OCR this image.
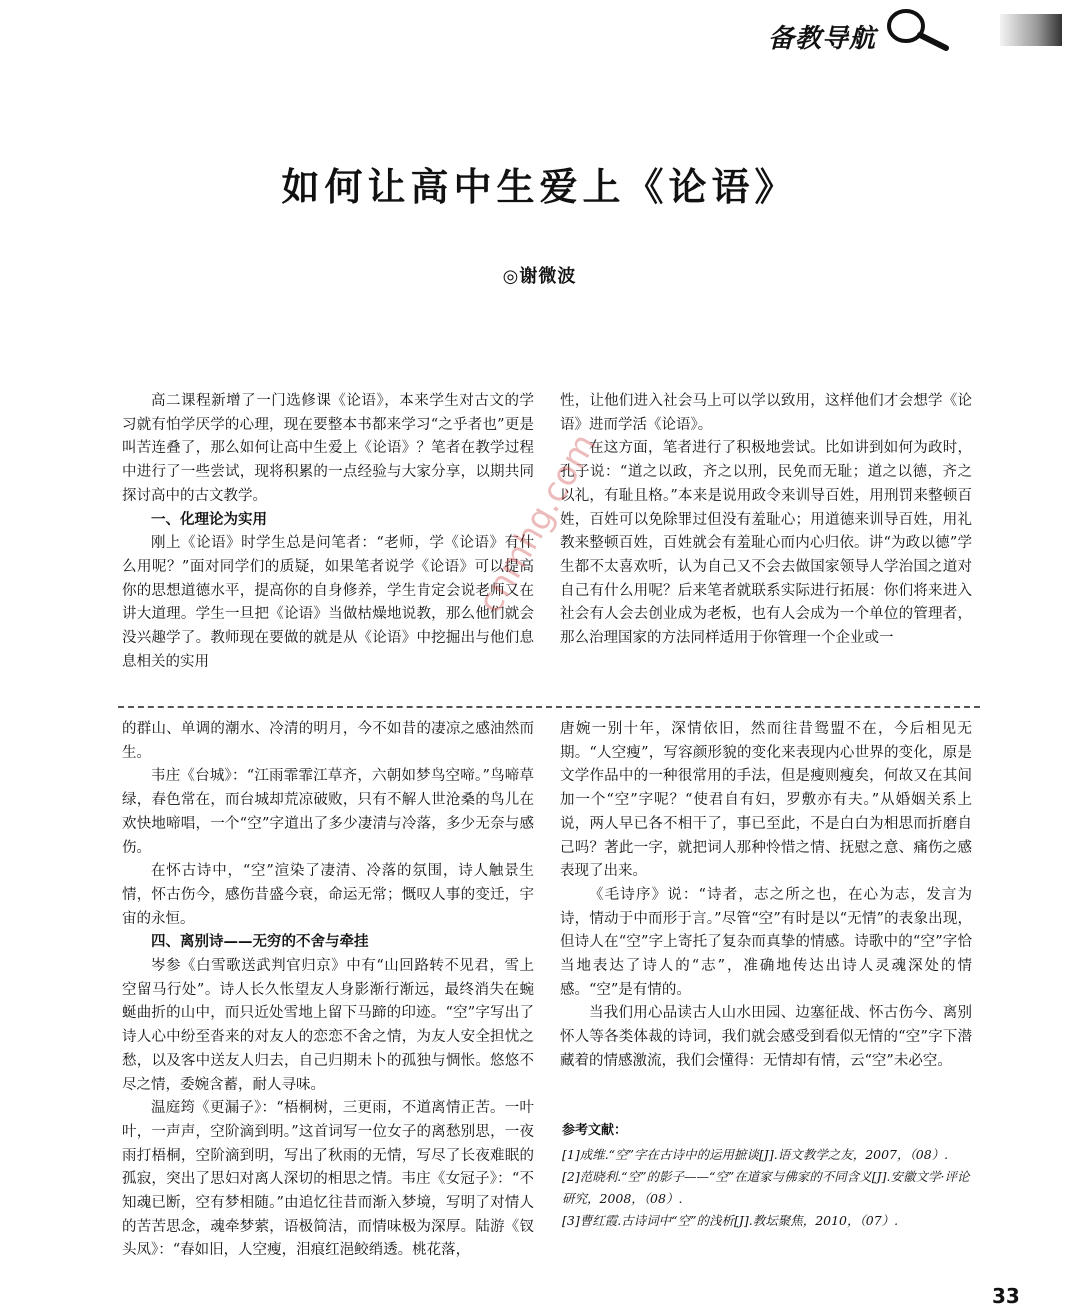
备教导航
如何让高中生爱上《论语》
◎谢微波

高二课程新增了一门选修课《论语》，本来学生对古文的学习就有怕学厌学的心理，现在要整本书都来学习“之乎者也”更是叫苦连叠了，那么如何让高中生爱上《论语》？笔者在教学过程中进行了一些尝试，现将积累的一点经验与大家分享，以期共同探讨高中的古文教学。

一、化理论为实用

刚上《论语》时学生总是问笔者：“老师，学《论语》有什么用呢？”面对同学们的质疑，如果笔者说学《论语》可以提高你的思想道德水平，提高你的自身修养，学生肯定会说老师又在讲大道理。学生一旦把《论语》当做枯燥地说教，那么他们就会没兴趣学了。教师现在要做的就是从《论语》中挖掘出与他们息息相关的实用

性，让他们进入社会马上可以学以致用，这样他们才会想学《论语》进而学活《论语》。

在这方面，笔者进行了积极地尝试。比如讲到如何为政时，孔子说：“道之以政，齐之以刑，民免而无耻；道之以德，齐之以礼，有耻且格。”本来是说用政令来训导百姓，用刑罚来整顿百姓，百姓可以免除罪过但没有羞耻心；用道德来训导百姓，用礼教来整顿百姓，百姓就会有羞耻心而内心归依。讲“为政以德”学生都不太喜欢听，认为自己又不会去做国家领导人学治国之道对自己有什么用呢？后来笔者就联系实际进行拓展：你们将来进入社会有人会去创业成为老板，也有人会成为一个单位的管理者，那么治理国家的方法同样适用于你管理一个企业或一

的群山、单调的潮水、冷清的明月，今不如昔的凄凉之感油然而生。

韦庄《台城》：“江雨霏霏江草齐，六朝如梦鸟空啼。”鸟啼草绿，春色常在，而台城却荒凉破败，只有不解人世沧桑的鸟儿在欢快地啼唱，一个“空”字道出了多少凄清与冷落，多少无奈与感伤。

在怀古诗中，“空”渲染了凄清、冷落的氛围，诗人触景生情，怀古伤今，感伤昔盛今衰，命运无常；慨叹人事的变迁，宇宙的永恒。

四、离别诗——无穷的不舍与牵挂

岑参《白雪歌送武判官归京》中有“山回路转不见君，雪上空留马行处”。诗人长久怅望友人身影渐行渐远，最终消失在蜿蜒曲折的山中，而只近处雪地上留下马蹄的印迹。“空”字写出了诗人心中纷至沓来的对友人的恋恋不舍之情，为友人安全担忧之愁，以及客中送友人归去，自己归期未卜的孤独与惆怅。悠悠不尽之情，委婉含蓄，耐人寻味。

温庭筠《更漏子》：“梧桐树，三更雨，不道离情正苦。一叶叶，一声声，空阶滴到明。”这首词写一位女子的离愁别思，一夜雨打梧桐，空阶滴到明，写出了秋雨的无情，写尽了长夜难眠的孤寂，突出了思妇对离人深切的相思之情。韦庄《女冠子》：“不知魂已断，空有梦相随。”由追忆往昔而渐入梦境，写明了对情人的苦苦思念，魂牵梦萦，语极简洁，而情味极为深厚。陆游《钗头凤》：“春如旧，人空瘦，泪痕红浥鲛绡透。桃花落，

唐婉一别十年，深情依旧，然而往昔鸳盟不在，今后相见无期。“人空瘦”，写容颜形貌的变化来表现内心世界的变化，原是文学作品中的一种很常用的手法，但是瘦则瘦矣，何故又在其间加一个“空”字呢？“使君自有妇，罗敷亦有夫。”从婚姻关系上说，两人早已各不相干了，事已至此，不是白白为相思而折磨自己吗？著此一字，就把词人那种怜惜之情、抚慰之意、痛伤之感表现了出来。

《毛诗序》说：“诗者，志之所之也，在心为志，发言为诗，情动于中而形于言。”尽管“空”有时是以“无情”的表象出现，但诗人在“空”字上寄托了复杂而真挚的情感。诗歌中的“空”字恰当地表达了诗人的“志”，准确地传达出诗人灵魂深处的情感。“空”是有情的。

当我们用心品读古人山水田园、边塞征战、怀古伤今、离别怀人等各类体裁的诗词，我们就会感受到看似无情的“空”字下潜藏着的情感激流，我们会懂得：无情却有情，云“空”未必空。

参考文献：

[1]成维.“空”字在古诗中的运用摭谈[J].语文教学之友，2007，（08）.

[2]范晓利.“空”的影子——“空”在道家与佛家的不同含义[J].安徽文学·评论研究，2008，（08）.

[3]曹红霞.古诗词中“空”的浅析[J].教坛聚焦，2010，（07）.

cnmhg.com
33
